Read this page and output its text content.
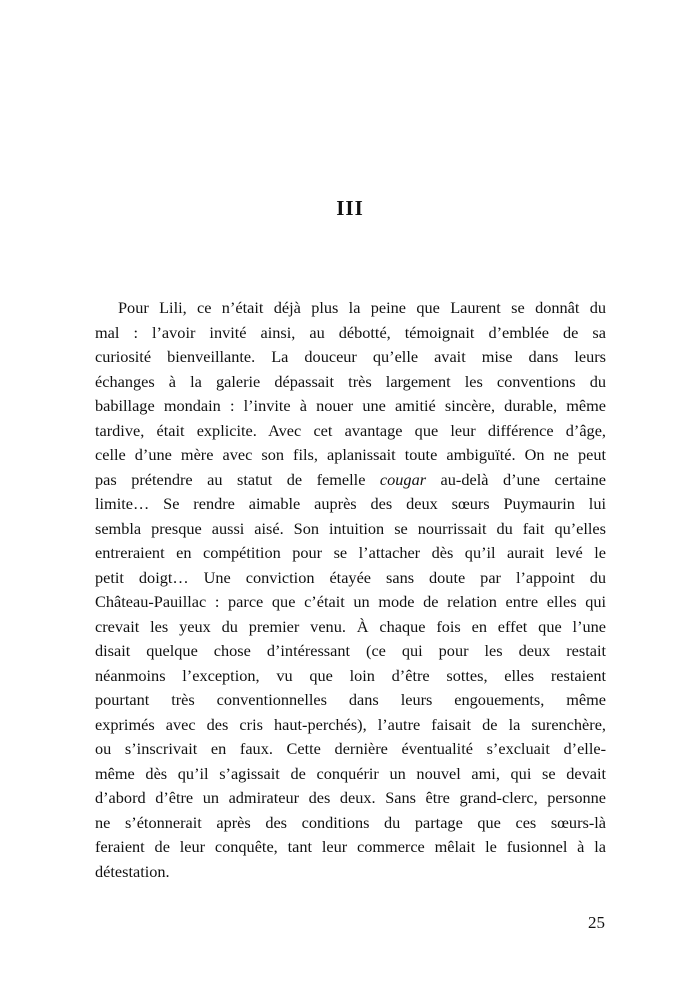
III
Pour Lili, ce n’était déjà plus la peine que Laurent se donnât du
mal : l’avoir invité ainsi, au débotté, témoignait d’emblée de sa
curiosité bienveillante. La douceur qu’elle avait mise dans leurs
échanges à la galerie dépassait très largement les conventions du
babillage mondain : l’invite à nouer une amitié sincère, durable, même
tardive, était explicite. Avec cet avantage que leur différence d’âge,
celle d’une mère avec son fils, aplanissait toute ambiguïté. On ne peut
pas prétendre au statut de femelle cougar au-delà d’une certaine
limite… Se rendre aimable auprès des deux sœurs Puymaurin lui
sembla presque aussi aisé. Son intuition se nourrissait du fait qu’elles
entreraient en compétition pour se l’attacher dès qu’il aurait levé le
petit doigt… Une conviction étayée sans doute par l’appoint du
Château-Pauillac : parce que c’était un mode de relation entre elles qui
crevait les yeux du premier venu. À chaque fois en effet que l’une
disait quelque chose d’intéressant (ce qui pour les deux restait
néanmoins l’exception, vu que loin d’être sottes, elles restaient
pourtant très conventionnelles dans leurs engouements, même
exprimés avec des cris haut-perchés), l’autre faisait de la surenchère,
ou s’inscrivait en faux. Cette dernière éventualité s’excluait d’elle-
même dès qu’il s’agissait de conquérir un nouvel ami, qui se devait
d’abord d’être un admirateur des deux. Sans être grand-clerc, personne
ne s’étonnerait après des conditions du partage que ces sœurs-là
feraient de leur conquête, tant leur commerce mêlait le fusionnel à la
détestation.
25
